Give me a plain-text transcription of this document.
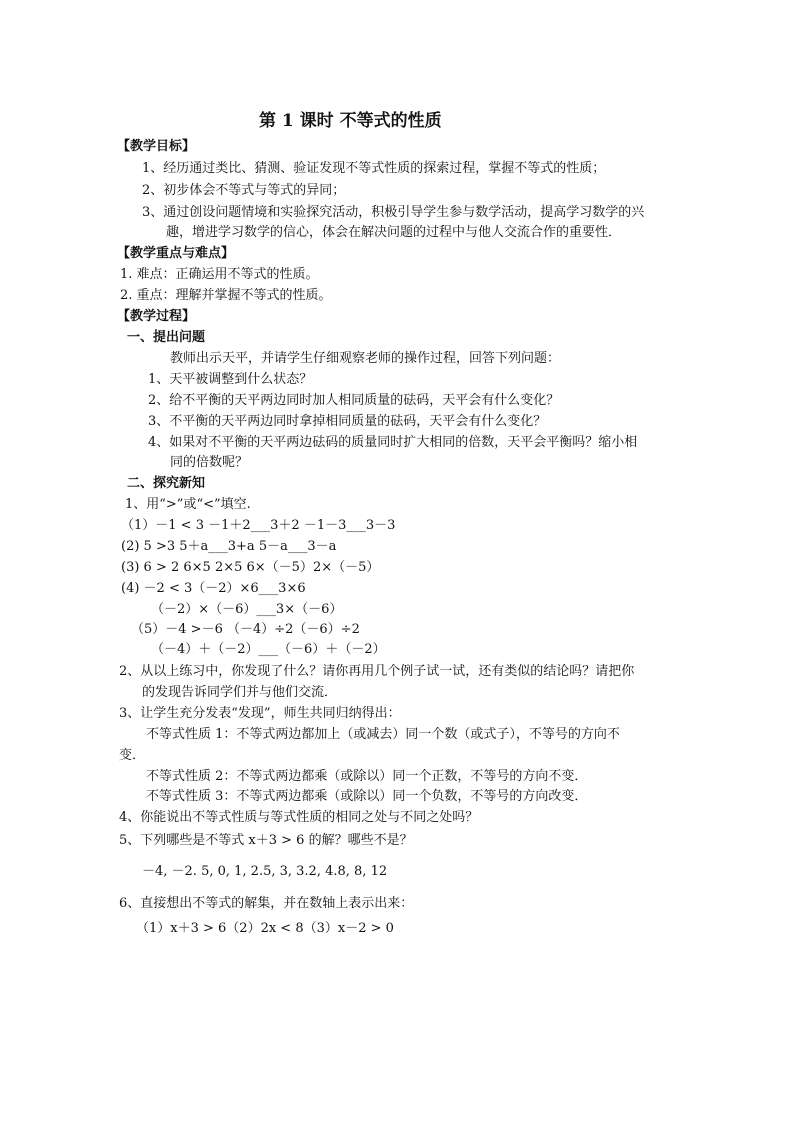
第 1 课时 不等式的性质
【教学目标】
1、经历通过类比、猜测、验证发现不等式性质的探索过程，掌握不等式的性质；
2、初步体会不等式与等式的异同；
3、通过创设问题情境和实验探究活动，积极引导学生参与数学活动，提高学习数学的兴
趣，增进学习数学的信心，体会在解决问题的过程中与他人交流合作的重要性．
【教学重点与难点】
1. 难点：正确运用不等式的性质。
2. 重点：理解并掌握不等式的性质。
【教学过程】
一、提出问题
教师出示天平，并请学生仔细观察老师的操作过程，回答下列问题：
1、天平被调整到什么状态？
2、给不平衡的天平两边同时加人相同质量的砝码，天平会有什么变化？
3、不平衡的天平两边同时拿掉相同质量的砝码，天平会有什么变化？
4、如果对不平衡的天平两边砝码的质量同时扩大相同的倍数，天平会平衡吗？缩小相
同的倍数呢？
二、探究新知
1、用“>”或“<”填空.
（1）－1 < 3 －1＋2___3＋2 －1－3___3－3
(2) 5 >3 5＋a___3+a 5－a___3－a
(3) 6 > 2 6×5 2×5 6×（－5）2×（－5）
(4) －2 < 3（－2）×6___3×6
（－2）×（－6）___3×（－6）
（5）－4 >－6 （－4）÷2（－6）÷2
（－4）＋（－2）___（－6）＋（－2）
2、从以上练习中，你发现了什么？请你再用几个例子试一试，还有类似的结论吗？请把你
的发现告诉同学们并与他们交流．
3、让学生充分发表“发现”，师生共同归纳得出：
不等式性质 1：不等式两边都加上（或减去）同一个数（或式子），不等号的方向不
变．
不等式性质 2：不等式两边都乘（或除以）同一个正数，不等号的方向不变．
不等式性质 3：不等式两边都乘（或除以）同一个负数，不等号的方向改变．
4、你能说出不等式性质与等式性质的相同之处与不同之处吗？
5、下列哪些是不等式 x＋3 > 6 的解？哪些不是？
－4, －2. 5, 0, 1, 2.5, 3, 3.2, 4.8, 8, 12
6、直接想出不等式的解集，并在数轴上表示出来：
（1）x＋3 > 6（2）2x < 8（3）x－2 > 0
